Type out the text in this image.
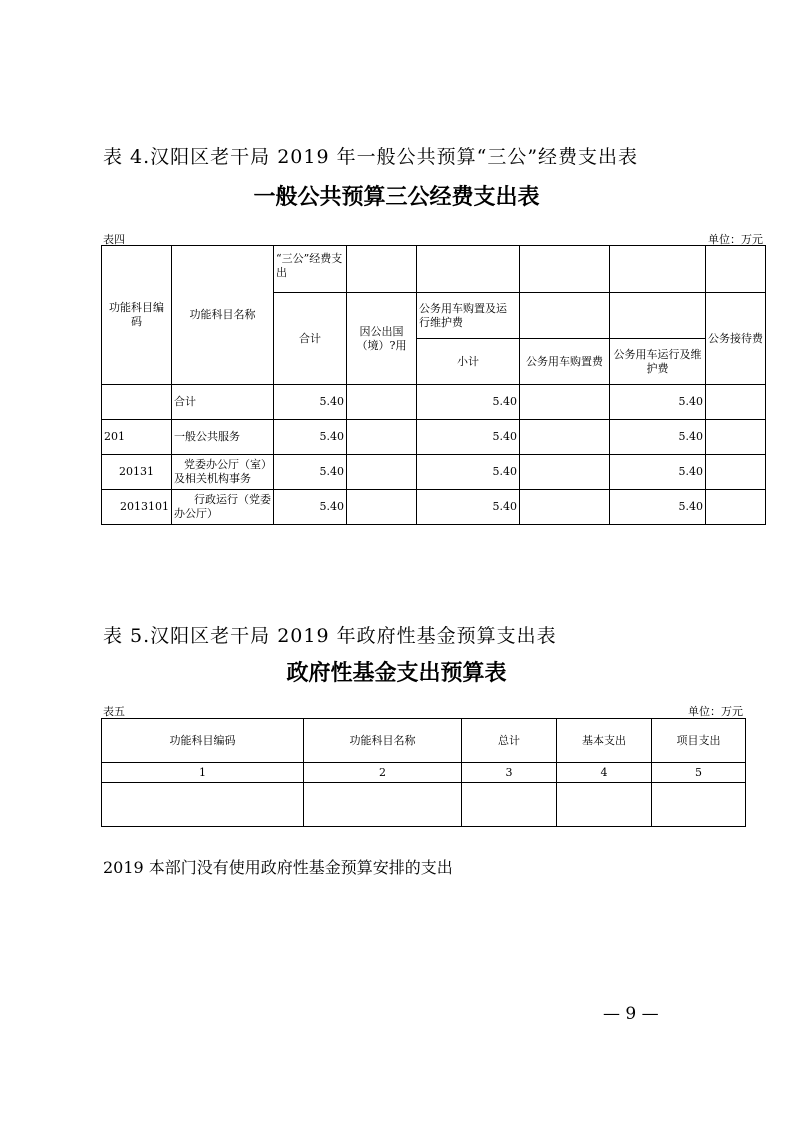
表 4.汉阳区老干局 2019 年一般公共预算“三公”经费支出表
一般公共预算三公经费支出表
表四	单位：万元
功能科目编码	功能科目名称	“三公”经费支出					
		合计	因公出国（境）?用	公务用车购置及运行维护费			公务接待费
				小计	公务用车购置费	公务用车运行及维护费	
	合计	5.40		5.40		5.40	
201	一般公共服务	5.40		5.40		5.40	
20131	党委办公厅（室）及相关机构事务	5.40		5.40		5.40	
2013101	行政运行（党委办公厅）	5.40		5.40		5.40	
表 5.汉阳区老干局 2019 年政府性基金预算支出表
政府性基金支出预算表
表五	单位：万元
功能科目编码	功能科目名称	总计	基本支出	项目支出
1	2	3	4	5

2019 本部门没有使用政府性基金预算安排的支出
— 9 —
